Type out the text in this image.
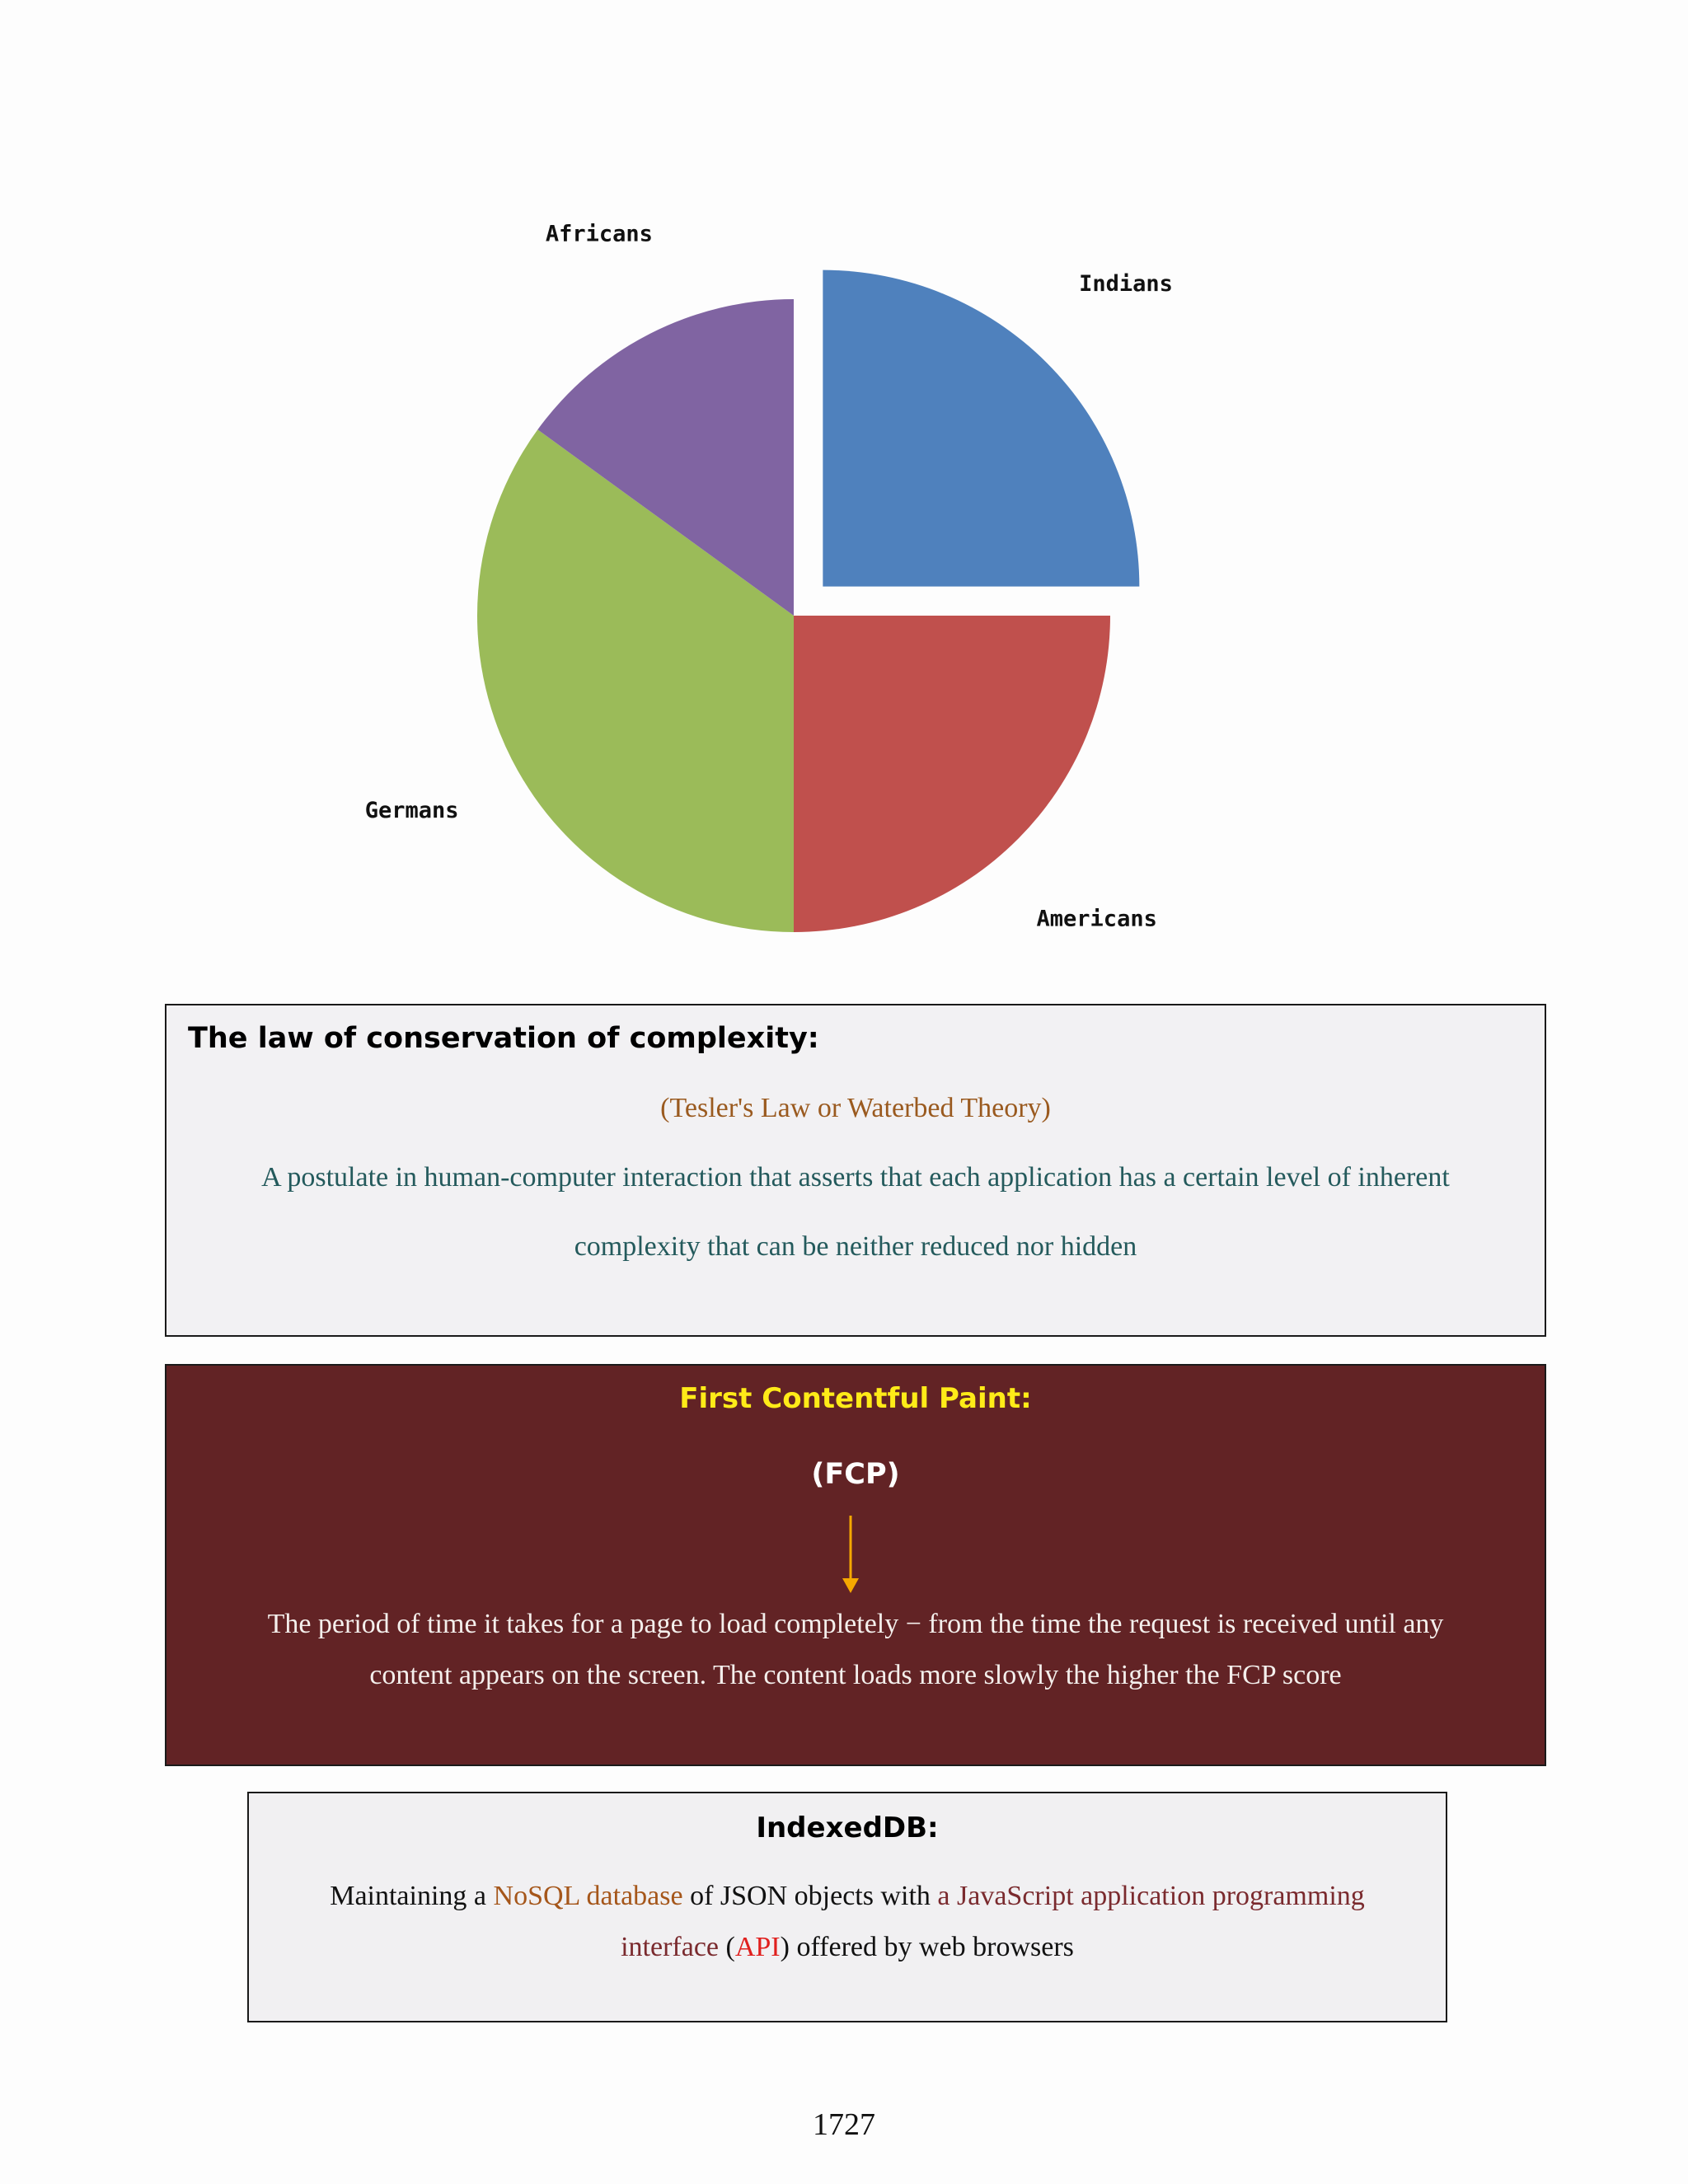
Indians
Americans
Germans
Africans
The law of conservation of complexity:
(Tesler's Law or Waterbed Theory)
A postulate in human-computer interaction that asserts that each application has a certain level of inherent
complexity that can be neither reduced nor hidden
First Contentful Paint:
(FCP)
The period of time it takes for a page to load completely − from the time the request is received until any
content appears on the screen. The content loads more slowly the higher the FCP score
IndexedDB:
Maintaining a NoSQL database of JSON objects with a JavaScript application programming
interface (API) offered by web browsers
1727
